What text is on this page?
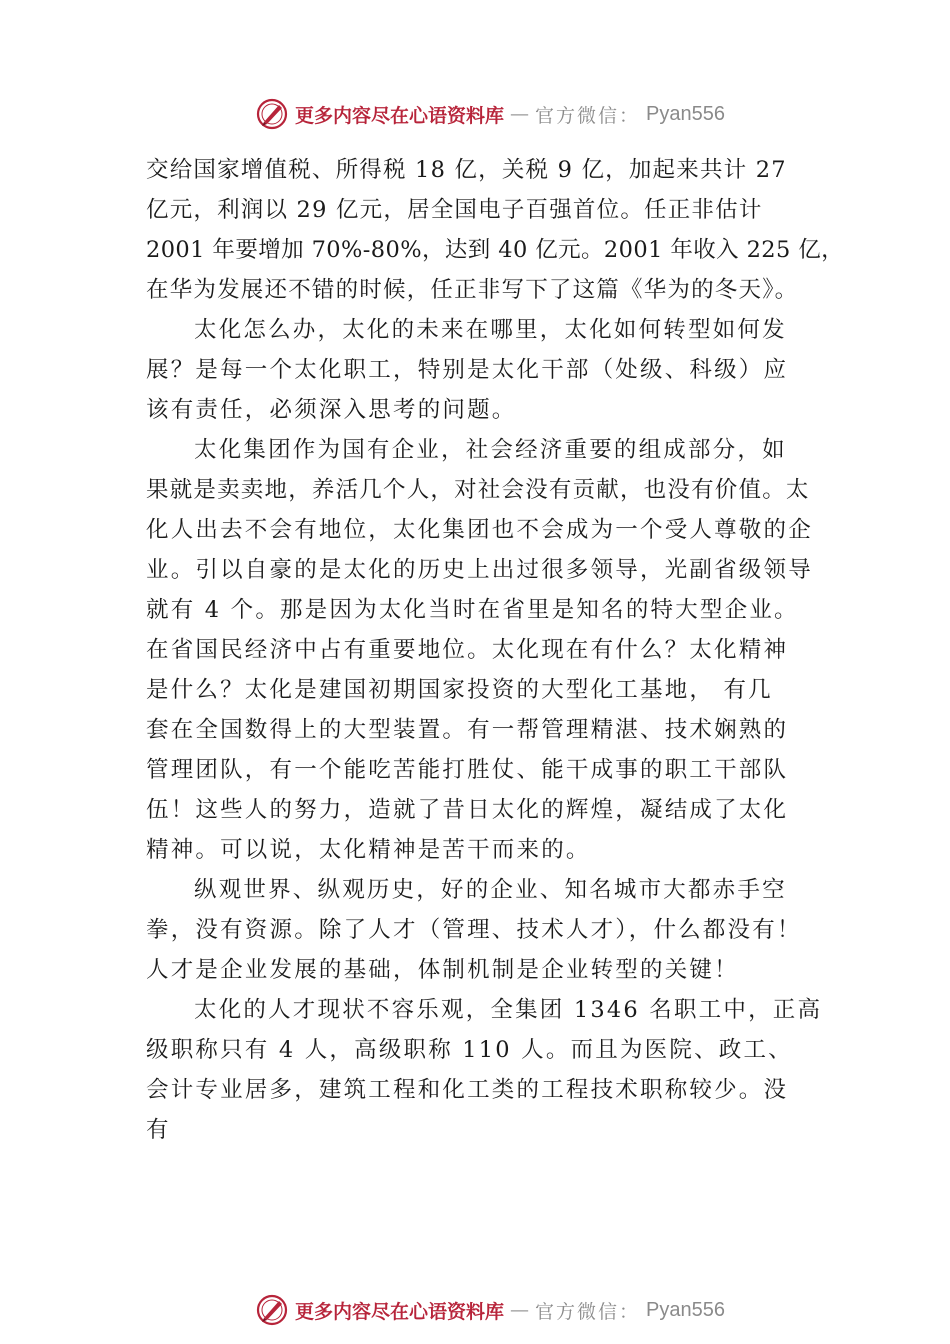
更多内容尽在心语资料库 — 官方微信： Pyan556
交给国家增值税、所得税 18 亿，关税 9 亿，加起来共计 27
亿元，利润以 29 亿元，居全国电子百强首位。任正非估计
2001 年要增加 70%-80%，达到 40 亿元。2001 年收入 225 亿，
在华为发展还不错的时候，任正非写下了这篇《华为的冬天》。
太化怎么办，太化的未来在哪里，太化如何转型如何发
展？是每一个太化职工，特别是太化干部（处级、科级）应
该有责任，必须深入思考的问题。
太化集团作为国有企业，社会经济重要的组成部分，如
果就是卖卖地，养活几个人，对社会没有贡献，也没有价值。太
化人出去不会有地位，太化集团也不会成为一个受人尊敬的企
业。引以自豪的是太化的历史上出过很多领导，光副省级领导
就有 4 个。那是因为太化当时在省里是知名的特大型企业。
在省国民经济中占有重要地位。太化现在有什么？太化精神
是什么？太化是建国初期国家投资的大型化工基地， 有几
套在全国数得上的大型装置。有一帮管理精湛、技术娴熟的
管理团队，有一个能吃苦能打胜仗、能干成事的职工干部队
伍！这些人的努力，造就了昔日太化的辉煌，凝结成了太化
精神。可以说，太化精神是苦干而来的。
纵观世界、纵观历史，好的企业、知名城市大都赤手空
拳，没有资源。除了人才（管理、技术人才），什么都没有！
人才是企业发展的基础，体制机制是企业转型的关键！
太化的人才现状不容乐观，全集团 1346 名职工中，正高
级职称只有 4 人，高级职称 110 人。而且为医院、政工、
会计专业居多，建筑工程和化工类的工程技术职称较少。没
有
更多内容尽在心语资料库 — 官方微信： Pyan556
